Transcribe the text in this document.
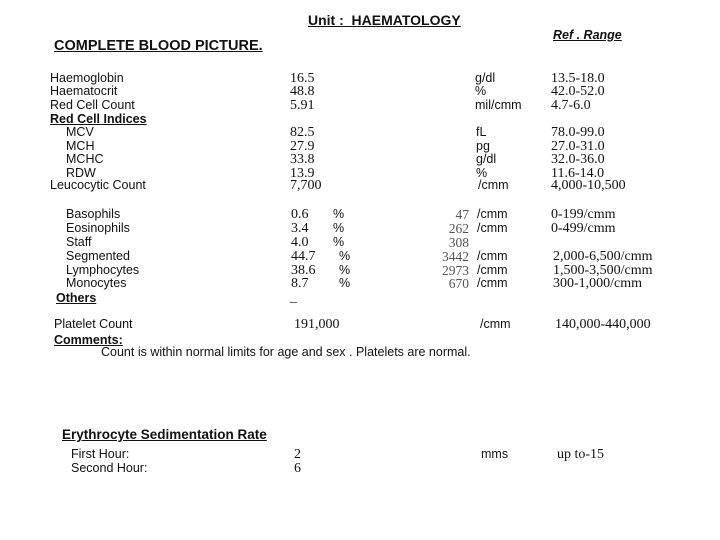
Unit : HAEMATOLOGY
COMPLETE BLOOD PICTURE.
Ref . Range
Haemoglobin	16.5	g/dl	13.5-18.0
Haematocrit	48.8	%	42.0-52.0
Red Cell Count	5.91	mil/cmm 4.7-6.0
Red Cell Indices
MCV	82.5	fL	78.0-99.0
MCH	27.9	pg	27.0-31.0
MCHC	33.8	g/dl	32.0-36.0
RDW	13.9	%	11.6-14.0
Leucocytic Count	7,700	/cmm	4,000-10,500
Basophils	0.6 %	47 /cmm	0-199/cmm
Eosinophils	3.4 %	262 /cmm	0-499/cmm
Staff	4.0 %	308
Segmented	44.7 %	3442 /cmm	2,000-6,500/cmm
Lymphocytes	38.6 %	2973 /cmm	1,500-3,500/cmm
Monocytes	8.7 %	670 /cmm	300-1,000/cmm
Others	_
Platelet Count	191,000	/cmm	140,000-440,000
Comments:
Count is within normal limits for age and sex . Platelets are normal.
Erythrocyte Sedimentation Rate
First Hour:	2	mms	up to-15
Second Hour:	6
